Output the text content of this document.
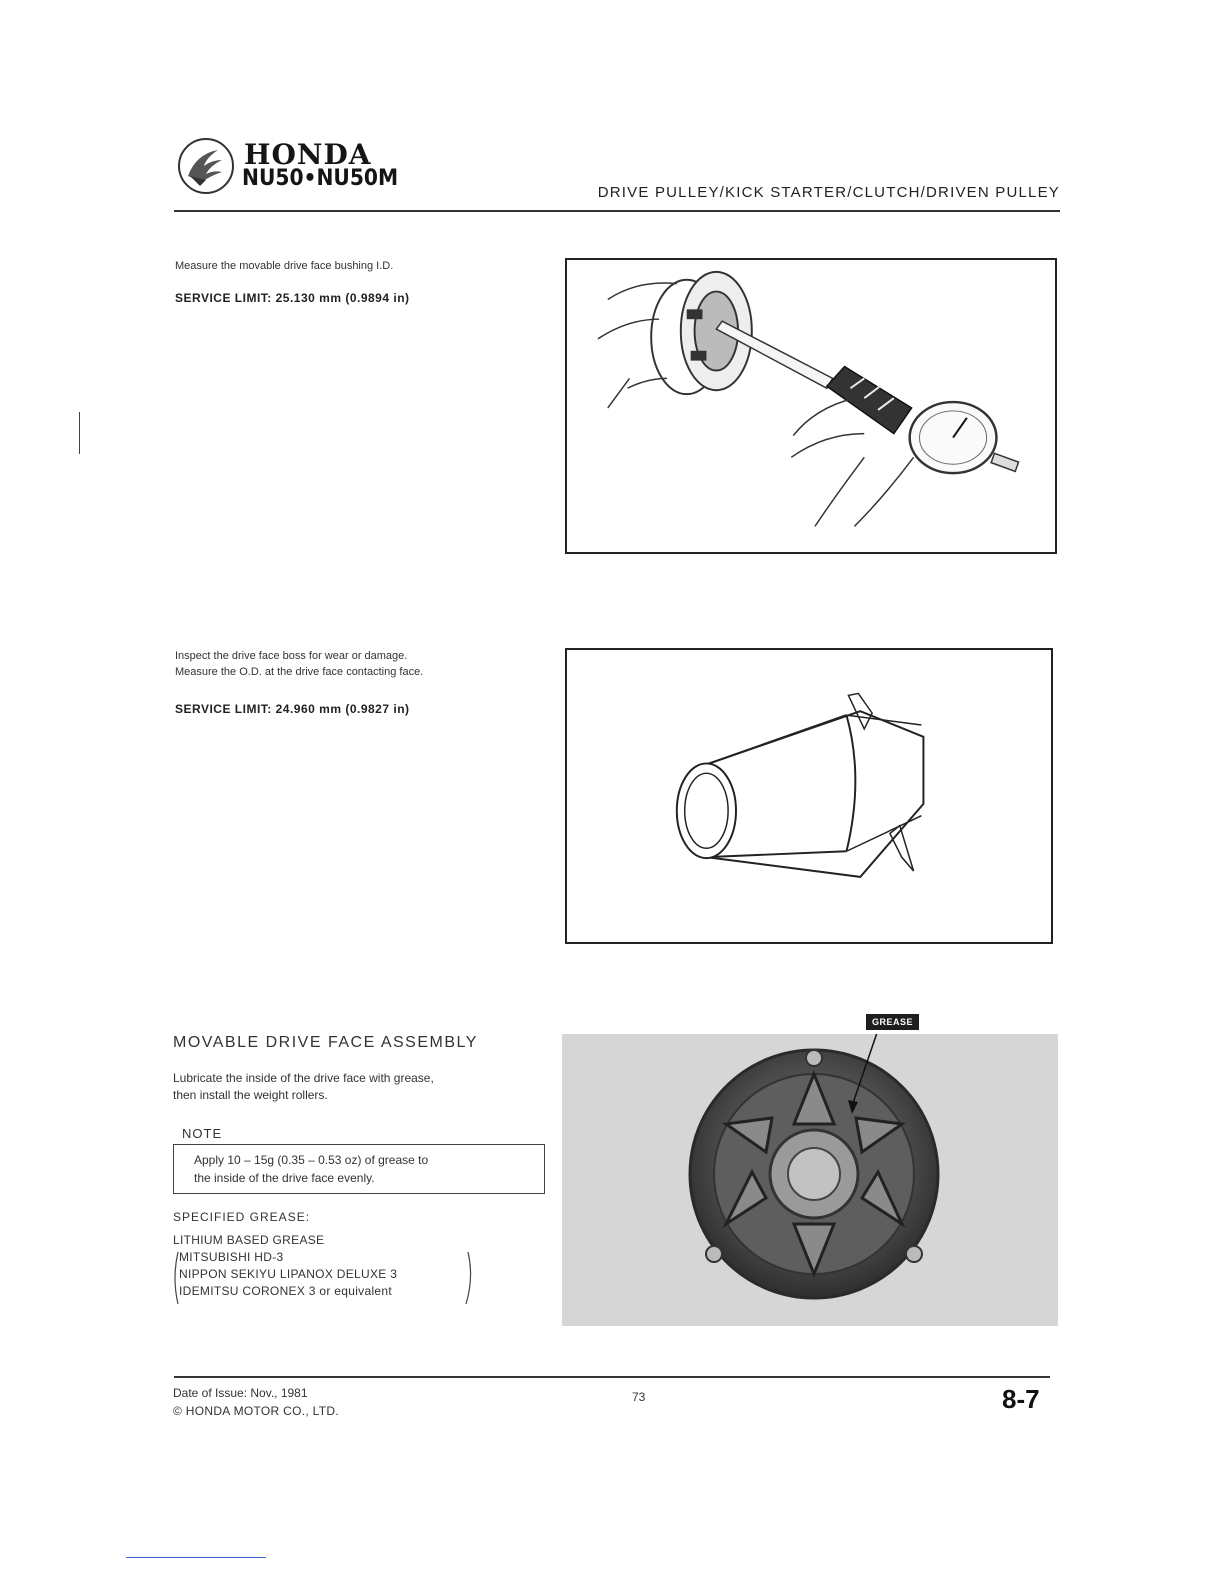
HONDA
NU50•NU50M
DRIVE PULLEY/KICK STARTER/CLUTCH/DRIVEN PULLEY
Measure the movable drive face bushing I.D.
SERVICE LIMIT: 25.130 mm (0.9894 in)
Inspect the drive face boss for wear or damage.
Measure the O.D. at the drive face contacting face.
SERVICE LIMIT: 24.960 mm (0.9827 in)
MOVABLE DRIVE FACE ASSEMBLY
Lubricate the inside of the drive face with grease,
then install the weight rollers.
NOTE
Apply 10 – 15g (0.35 – 0.53 oz) of grease to
the inside of the drive face evenly.
SPECIFIED GREASE:
LITHIUM BASED GREASE
MITSUBISHI HD-3
NIPPON SEKIYU LIPANOX DELUXE 3
IDEMITSU CORONEX 3 or equivalent
GREASE
Date of Issue: Nov., 1981
© HONDA MOTOR CO., LTD.
73	8-7
